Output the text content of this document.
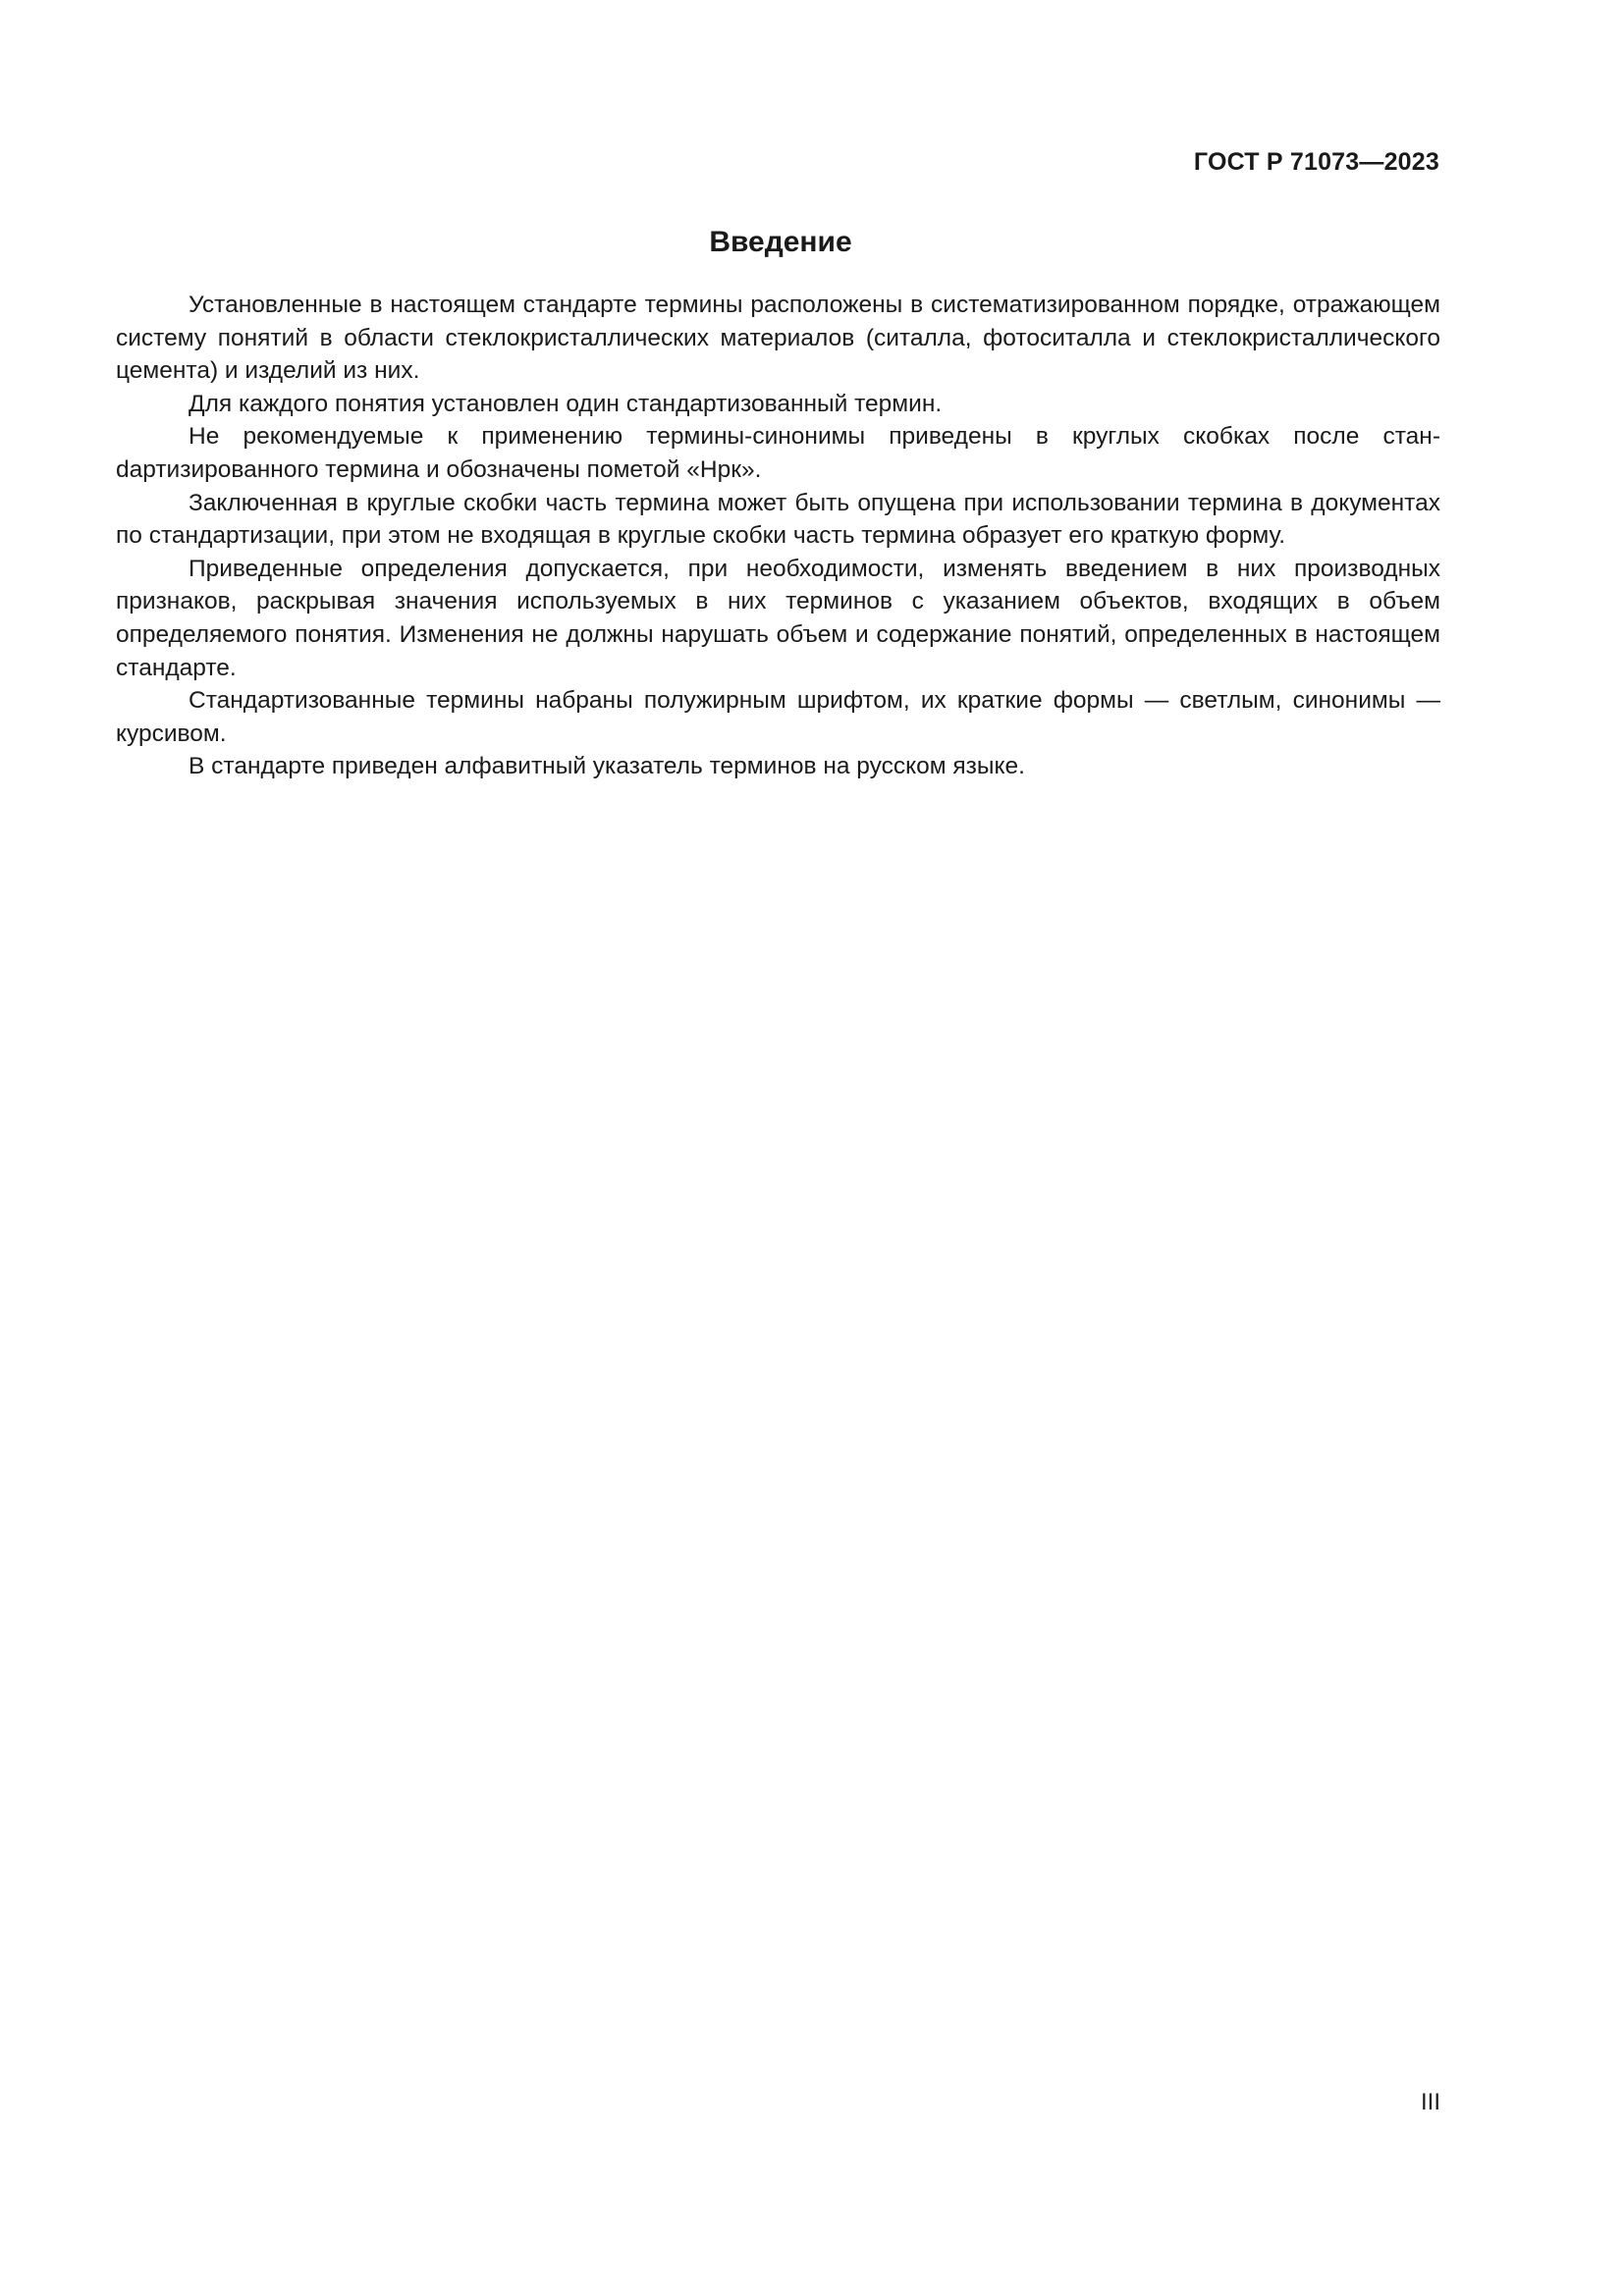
ГОСТ Р 71073—2023
Введение

Установленные в настоящем стандарте термины расположены в систематизированном порядке, отражающем систему понятий в области стеклокристаллических материалов (ситалла, фотоситалла и стеклокристаллического цемента) и изделий из них.

Для каждого понятия установлен один стандартизованный термин.

Не рекомендуемые к применению термины-синонимы приведены в круглых скобках после станdартизированного термина и обозначены пометой «Нрк».

Заключенная в круглые скобки часть термина может быть опущена при использовании термина в документах по стандартизации, при этом не входящая в круглые скобки часть термина образует его краткую форму.

Приведенные определения допускается, при необходимости, изменять введением в них производных признаков, раскрывая значения используемых в них терминов с указанием объектов, входящих в объем определяемого понятия. Изменения не должны нарушать объем и содержание понятий, определенных в настоящем стандарте.

Стандартизованные термины набраны полужирным шрифтом, их краткие формы — светлым, синонимы — курсивом.

В стандарте приведен алфавитный указатель терминов на русском языке.

III
